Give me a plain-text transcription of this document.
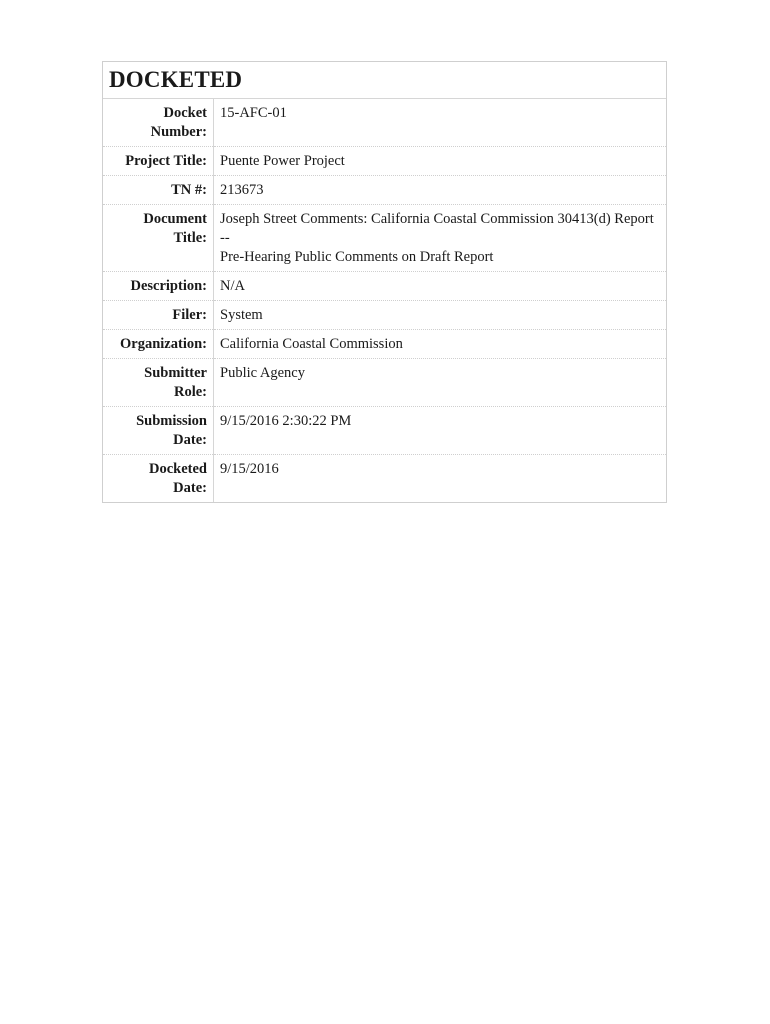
DOCKETED
Docket
Number:	15-AFC-01
Project Title:	Puente Power Project
TN #:	213673
Document
Title:	Joseph Street Comments: California Coastal Commission 30413(d) Report --
Pre-Hearing Public Comments on Draft Report
Description:	N/A
Filer:	System
Organization:	California Coastal Commission
Submitter Role:	Public Agency
Submission
Date:	9/15/2016 2:30:22 PM
Docketed
Date:	9/15/2016
